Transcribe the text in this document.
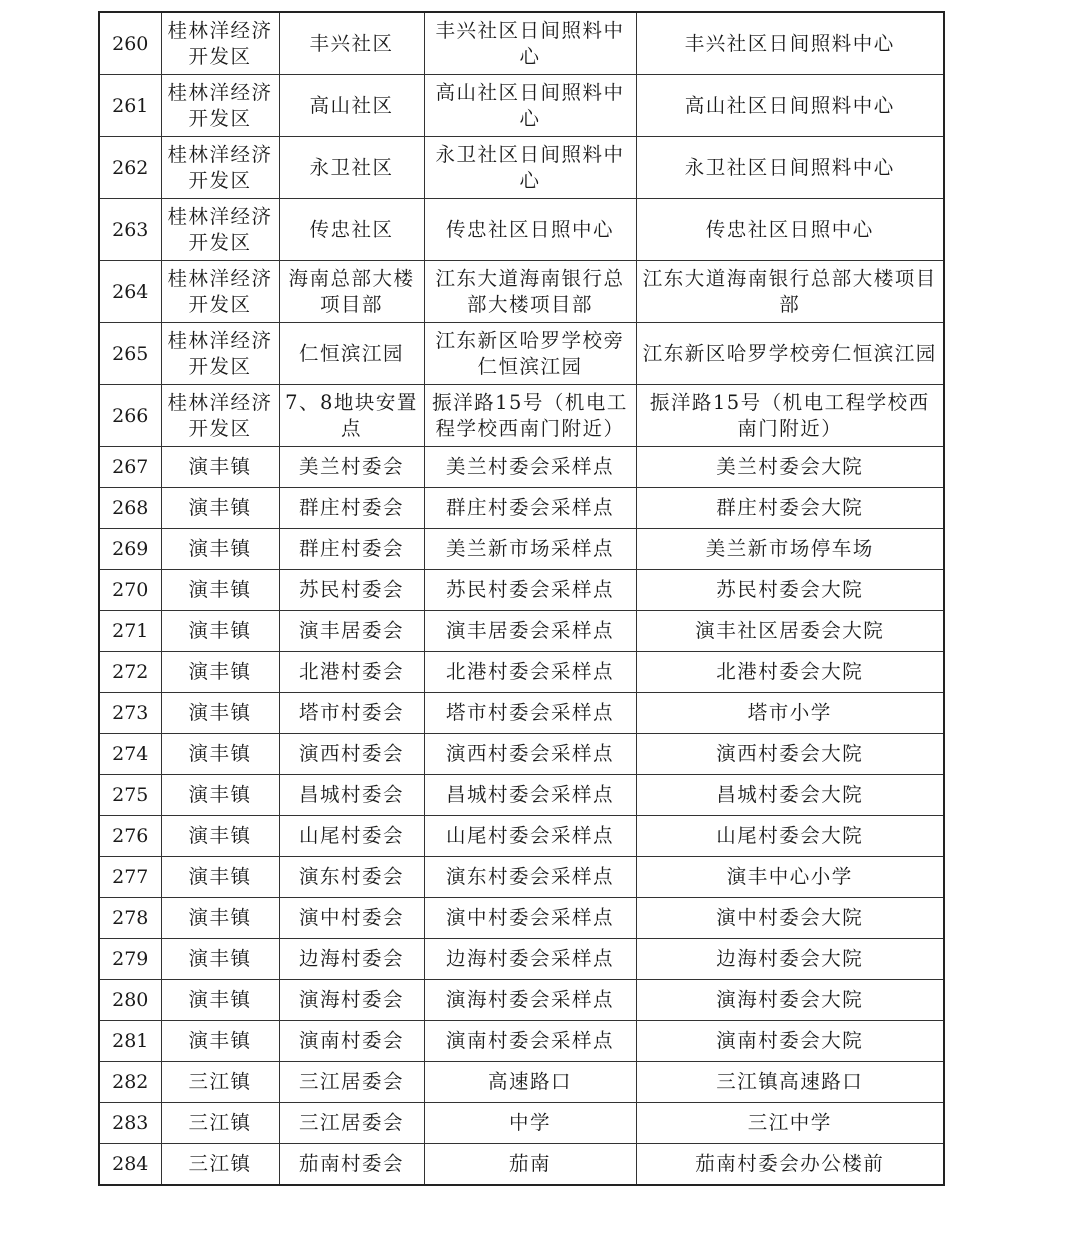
260	桂林洋经济开发区	丰兴社区	丰兴社区日间照料中心	丰兴社区日间照料中心
261	桂林洋经济开发区	高山社区	高山社区日间照料中心	高山社区日间照料中心
262	桂林洋经济开发区	永卫社区	永卫社区日间照料中心	永卫社区日间照料中心
263	桂林洋经济开发区	传忠社区	传忠社区日照中心	传忠社区日照中心
264	桂林洋经济开发区	海南总部大楼项目部	江东大道海南银行总部大楼项目部	江东大道海南银行总部大楼项目部
265	桂林洋经济开发区	仁恒滨江园	江东新区哈罗学校旁仁恒滨江园	江东新区哈罗学校旁仁恒滨江园
266	桂林洋经济开发区	7、8地块安置点	振洋路15号（机电工程学校西南门附近）	振洋路15号（机电工程学校西南门附近）
267	演丰镇	美兰村委会	美兰村委会采样点	美兰村委会大院
268	演丰镇	群庄村委会	群庄村委会采样点	群庄村委会大院
269	演丰镇	群庄村委会	美兰新市场采样点	美兰新市场停车场
270	演丰镇	苏民村委会	苏民村委会采样点	苏民村委会大院
271	演丰镇	演丰居委会	演丰居委会采样点	演丰社区居委会大院
272	演丰镇	北港村委会	北港村委会采样点	北港村委会大院
273	演丰镇	塔市村委会	塔市村委会采样点	塔市小学
274	演丰镇	演西村委会	演西村委会采样点	演西村委会大院
275	演丰镇	昌城村委会	昌城村委会采样点	昌城村委会大院
276	演丰镇	山尾村委会	山尾村委会采样点	山尾村委会大院
277	演丰镇	演东村委会	演东村委会采样点	演丰中心小学
278	演丰镇	演中村委会	演中村委会采样点	演中村委会大院
279	演丰镇	边海村委会	边海村委会采样点	边海村委会大院
280	演丰镇	演海村委会	演海村委会采样点	演海村委会大院
281	演丰镇	演南村委会	演南村委会采样点	演南村委会大院
282	三江镇	三江居委会	高速路口	三江镇高速路口
283	三江镇	三江居委会	中学	三江中学
284	三江镇	茄南村委会	茄南	茄南村委会办公楼前
